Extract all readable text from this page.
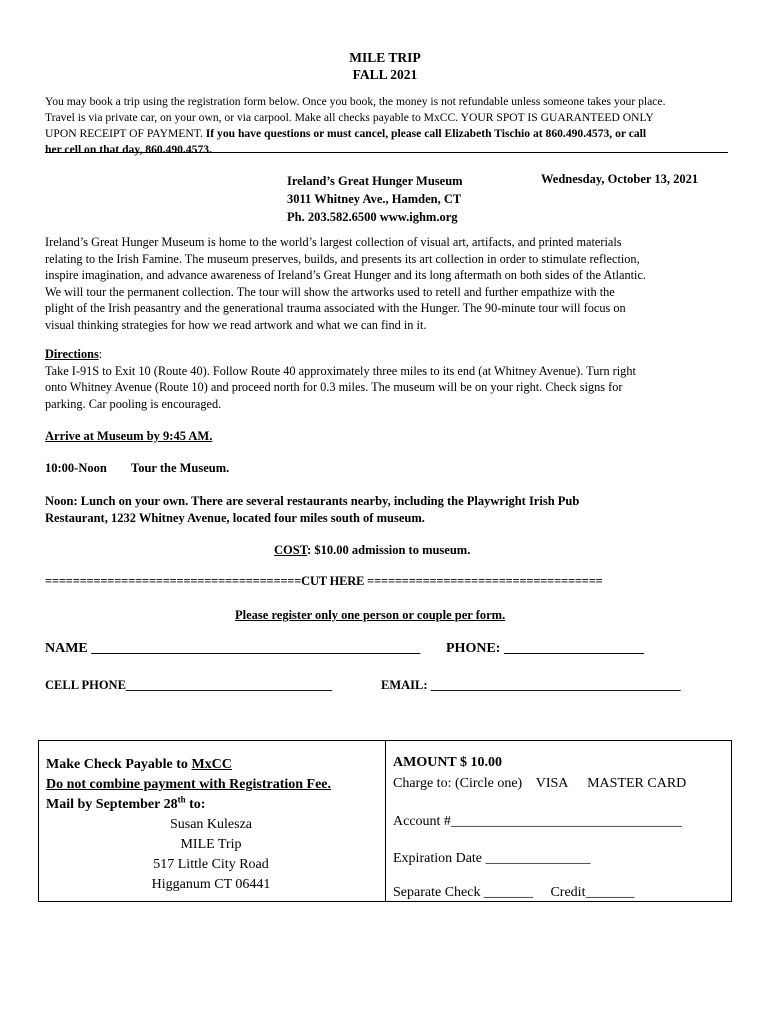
MILE TRIP
FALL 2021
You may book a trip using the registration form below. Once you book, the money is not refundable unless someone takes your place.
Travel is via private car, on your own, or via carpool. Make all checks payable to MxCC. YOUR SPOT IS GUARANTEED ONLY
UPON RECEIPT OF PAYMENT. If you have questions or must cancel, please call Elizabeth Tischio at 860.490.4573, or call
her cell on that day, 860.490.4573.
Ireland’s Great Hunger Museum
3011 Whitney Ave., Hamden, CT
Ph. 203.582.6500 www.ighm.org
Wednesday, October 13, 2021
Ireland’s Great Hunger Museum is home to the world’s largest collection of visual art, artifacts, and printed materials
relating to the Irish Famine. The museum preserves, builds, and presents its art collection in order to stimulate reflection,
inspire imagination, and advance awareness of Ireland’s Great Hunger and its long aftermath on both sides of the Atlantic.
We will tour the permanent collection. The tour will show the artworks used to retell and further empathize with the
plight of the Irish peasantry and the generational trauma associated with the Hunger. The 90-minute tour will focus on
visual thinking strategies for how we read artwork and what we can find in it.
Directions:
Take I-91S to Exit 10 (Route 40). Follow Route 40 approximately three miles to its end (at Whitney Avenue). Turn right
onto Whitney Avenue (Route 10) and proceed north for 0.3 miles. The museum will be on your right. Check signs for
parking. Car pooling is encouraged.
Arrive at Museum by 9:45 AM.
10:00-Noon Tour the Museum.
Noon: Lunch on your own. There are several restaurants nearby, including the Playwright Irish Pub
Restaurant, 1232 Whitney Avenue, located four miles south of museum.
COST: $10.00 admission to museum.
=====================================CUT HERE ==================================
Please register only one person or couple per form.
NAME _______________________________________________ PHONE: ____________________
CELL PHONE_________________________________	EMAIL: ________________________________________
Make Check Payable to MxCC
Do not combine payment with Registration Fee.
Mail by September 28th to:
Susan Kulesza
MILE Trip
517 Little City Road
Higganum CT 06441
AMOUNT $ 10.00
Charge to: (Circle one) VISA MASTER CARD
Account #_________________________________
Expiration Date _______________
Separate Check _______ Credit_______
